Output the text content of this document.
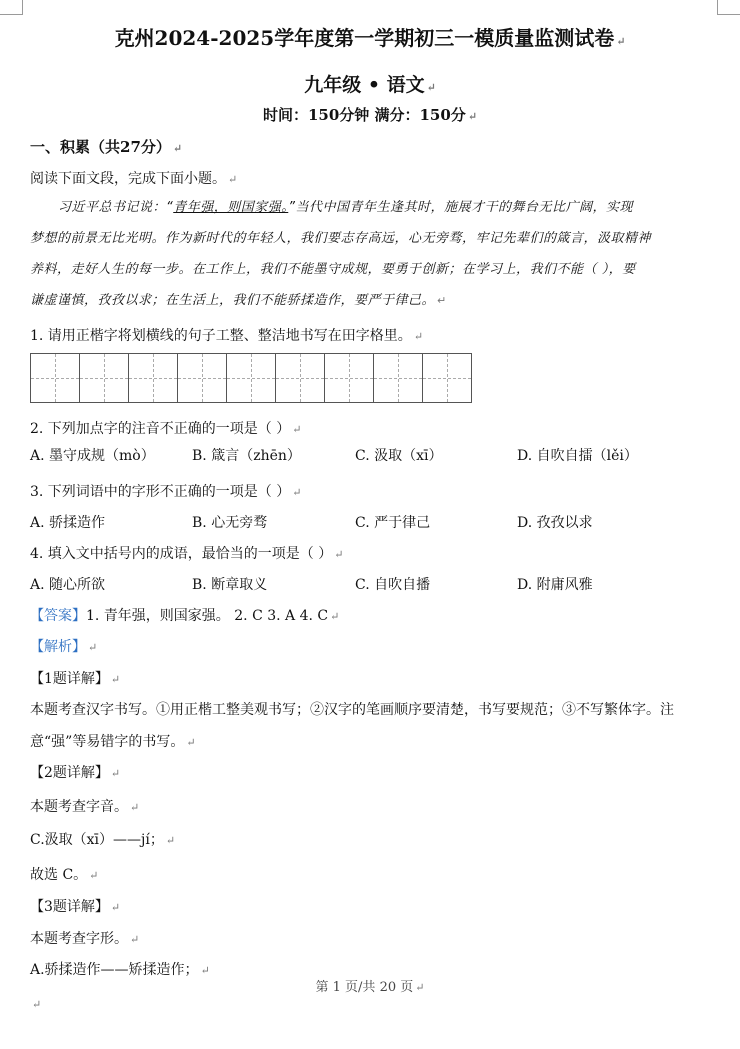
克州2024-2025学年度第一学期初三一模质量监测试卷 ↵
九年级 • 语文 ↵
时间：150分钟 满分：150分 ↵
一、积累（共27分） ↵
阅读下面文段，完成下面小题。 ↵
习近平总书记说：“青年强，则国家强。”当代中国青年生逢其时，施展才干的舞台无比广阔，实现
梦想的前景无比光明。作为新时代的年轻人，我们要志存高远，心无旁骛，牢记先辈们的箴言，汲取精神
养料，走好人生的每一步。在工作上，我们不能墨守成规，要勇于创新；在学习上，我们不能（ ），要
谦虚谨慎，孜孜以求；在生活上，我们不能骄揉造作，要严于律己。 ↵
1. 请用正楷字将划横线的句子工整、整洁地书写在田字格里。 ↵
2. 下列加点字的注音不正确的一项是（ ） ↵
A. 墨守成规（mò）	B. 箴言（zhēn）	C. 汲取（xī）	D. 自吹自擂（lěi）
3. 下列词语中的字形不正确的一项是（ ） ↵
A. 骄揉造作	B. 心无旁骛	C. 严于律己	D. 孜孜以求
4. 填入文中括号内的成语，最恰当的一项是（ ） ↵
A. 随心所欲	B. 断章取义	C. 自吹自播	D. 附庸风雅
【答案】1. 青年强，则国家强。 2. C 3. A 4. C ↵
【解析】 ↵
【1题详解】 ↵
本题考查汉字书写。①用正楷工整美观书写；②汉字的笔画顺序要清楚，书写要规范；③不写繁体字。注
意“强”等易错字的书写。 ↵
【2题详解】 ↵
本题考查字音。 ↵
C.汲取（xī）——jí； ↵
故选 C。 ↵
【3题详解】 ↵
本题考查字形。 ↵
A.骄揉造作——矫揉造作； ↵
第 1 页/共 20 页 ↵
↵
